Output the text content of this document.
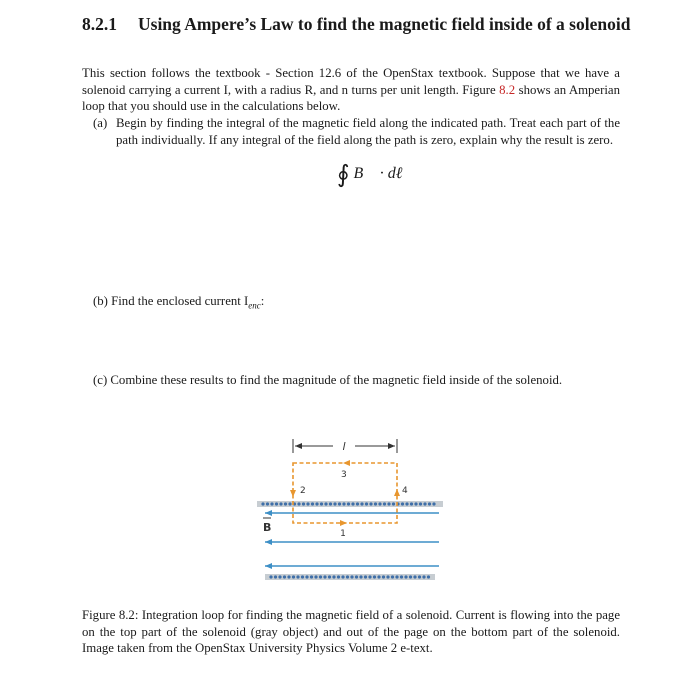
8.2.1 Using Ampere’s Law to find the magnetic field inside of a solenoid
This section follows the textbook - Section 12.6 of the OpenStax textbook. Suppose that we have a solenoid carrying a current I, with a radius R, and n turns per unit length. Figure 8.2 shows an Amperian loop that you should use in the calculations below.
(a) Begin by finding the integral of the magnetic field along the indicated path. Treat each part of the path individually. If any integral of the field along the path is zero, explain why the result is zero.
∮ B⃗ · dℓ⃗
(b) Find the enclosed current $I_{enc}$:
(c) Combine these results to find the magnitude of the magnetic field inside of the solenoid.
l
B	1
2
3
4
Figure 8.2: Integration loop for finding the magnetic field of a solenoid. Current is flowing into the page on the top part of the solenoid (gray object) and out of the page on the bottom part of the solenoid. Image taken from the OpenStax University Physics Volume 2 e-text.
